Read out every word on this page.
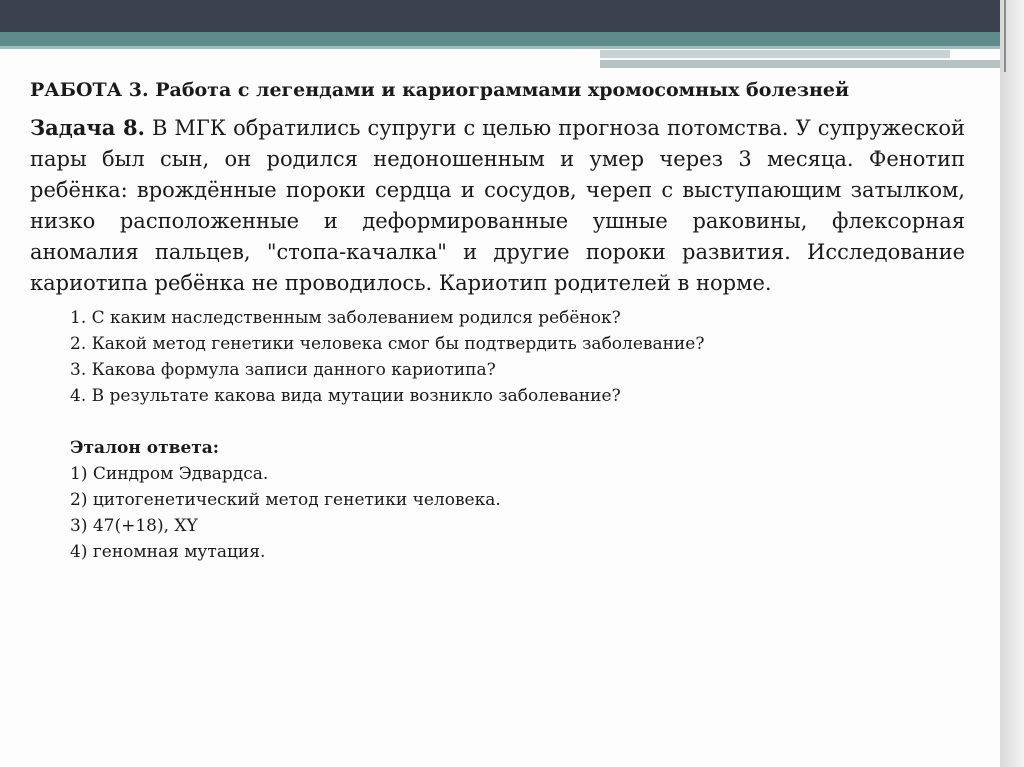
РАБОТА 3. Работа с легендами и кариограммами хромосомных болезней

Задача 8. В МГК обратились супруги с целью прогноза потомства. У супружеской пары был сын, он родился недоношенным и умер через 3 месяца. Фенотип ребёнка: врождённые пороки сердца и сосудов, череп с выступающим затылком, низко расположенные и деформированные ушные раковины, флексорная аномалия пальцев, "стопа-качалка" и другие пороки развития. Исследование кариотипа ребёнка не проводилось. Кариотип родителей в норме.

1. С каким наследственным заболеванием родился ребёнок?
2. Какой метод генетики человека смог бы подтвердить заболевание?
3. Какова формула записи данного кариотипа?
4. В результате какова вида мутации возникло заболевание?
Эталон ответа:
1) Синдром Эдвардса.
2) цитогенетический метод генетики человека.
3) 47(+18), XY
4) геномная мутация.
